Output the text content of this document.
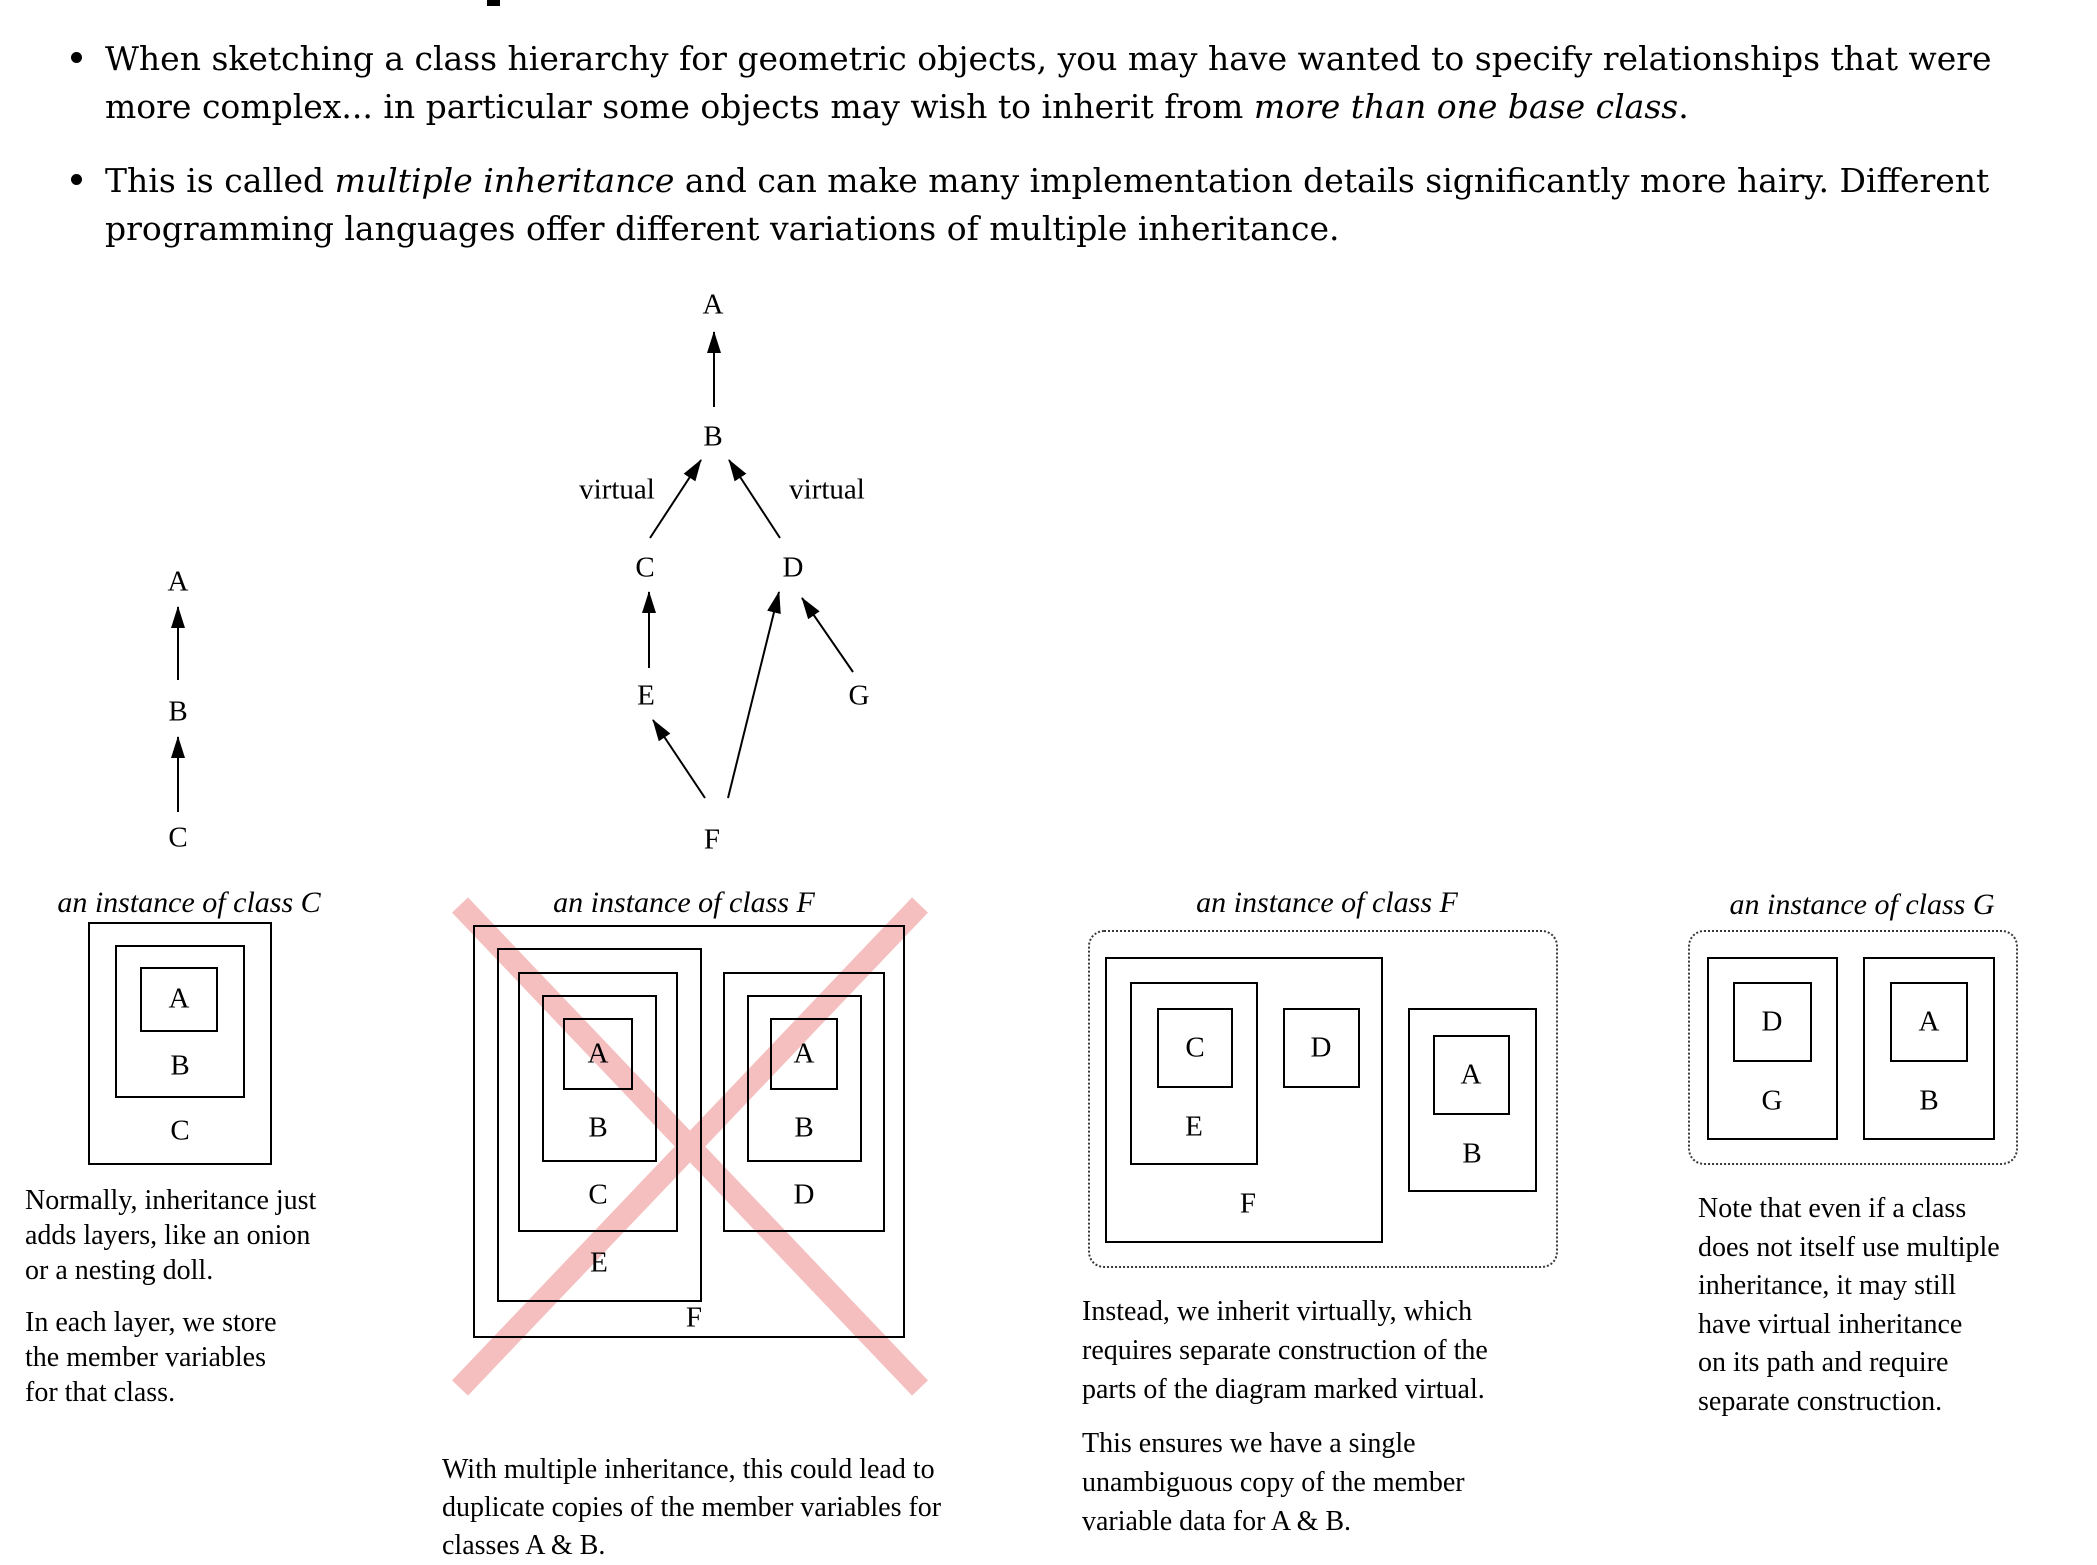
When sketching a class hierarchy for geometric objects, you may have wanted to specify relationships that were
more complex... in particular some objects may wish to inherit from more than one base class.
This is called multiple inheritance and can make many implementation details significantly more hairy. Different
programming languages offer different variations of multiple inheritance.
A
B
C
A
B
virtual	virtual
C	D
E	G
F
an instance of class C
A
B
C
Normally, inheritance just
adds layers, like an onion
or a nesting doll.
In each layer, we store
the member variables
for that class.
an instance of class F
A
B
C
E
A
B
D
F
With multiple inheritance, this could lead to
duplicate copies of the member variables for
classes A & B.
an instance of class F
C	D
E
F
A
B
Instead, we inherit virtually, which
requires separate construction of the
parts of the diagram marked virtual.
This ensures we have a single
unambiguous copy of the member
variable data for A & B.
an instance of class G
D
G
A
B
Note that even if a class
does not itself use multiple
inheritance, it may still
have virtual inheritance
on its path and require
separate construction.
